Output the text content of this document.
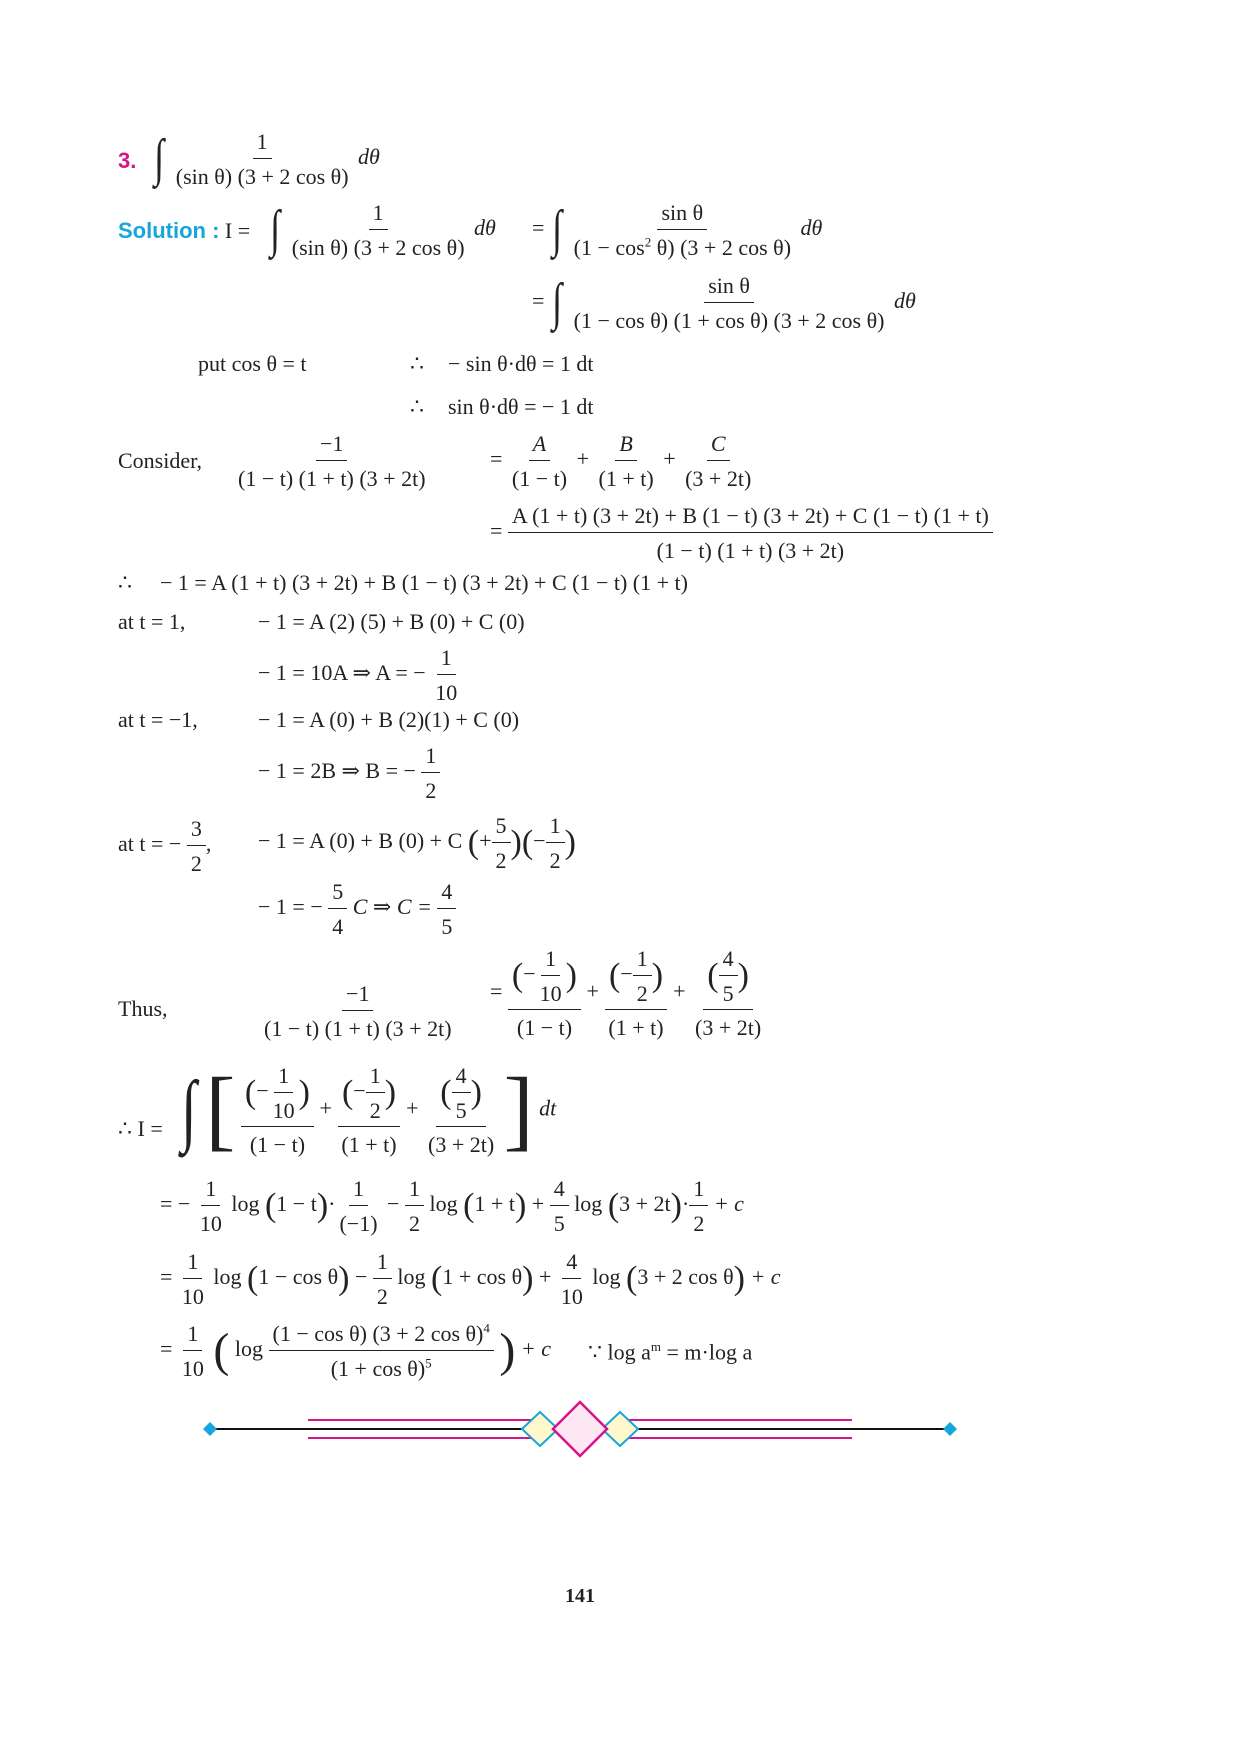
3. ∫ $\frac{1}{\text{(sin θ) (3 + 2 cos θ)}}$ dθ
Solution : I = ∫ $\frac{1}{\text{(sin θ) (3 + 2 cos θ)}}$ dθ = ∫ $\frac{\text{sin θ}}{(1 - \cos^2 \theta) (3 + 2 \cos \theta)}$ dθ
= ∫ $\frac{\text{sin θ}}{\text{(1 − cos θ) (1 + cos θ) (3 + 2 cos θ)}}$ dθ
put cos θ = t	∴ − sin θ·dθ = 1 dt
∴ sin θ·dθ = − 1 dt
Consider, $\frac{-1}{(1 - t) (1 + t) (3 + 2t)}$	= $\frac{A}{(1 - t)} + \frac{B}{(1 + t)} + \frac{C}{(3 + 2t)}$
= $\frac{A (1 + t) (3 + 2t) + B (1 - t) (3 + 2t) + C (1 - t) (1 + t)}{(1 - t) (1 + t) (3 + 2t)}$
∴ − 1 = A (1 + t) (3 + 2t) + B (1 − t) (3 + 2t) + C (1 − t) (1 + t)
at t = 1,	− 1 = A (2) (5) + B (0) + C (0)
− 1 = 10A ⇒ A = − $\frac{1}{10}$
at t = −1,	− 1 = A (0) + B (2)(1) + C (0)
− 1 = 2B ⇒ B = − $\frac{1}{2}$
at t = − $\frac{3}{2}$ , − 1 = A (0) + B (0) + C (+ $\frac{5}{2}$ )(− $\frac{1}{2}$ )
− 1 = − $\frac{5}{4}$ C ⇒ $C = \frac{4}{5}$
Thus,	$\frac{-1}{(1 - t) (1 + t) (3 + 2t)} = \frac{(- \frac{1}{10} )}{(1 - t)} + \frac{(- \frac{1}{2} )}{(1 + t)} + \frac{( \frac{4}{5} )}{(3 + 2t)}$
∴ I = ∫ [ $\frac{(- \frac{1}{10} )}{(1 - t)} + \frac{(- \frac{1}{2} )}{(1 + t)} + \frac{( \frac{4}{5} )}{(3 + 2t)}$ ] dt
= − $\frac{1}{10}$ $\log (1 - t)\cdot \frac{1}{(-1)} - \frac{1}{2}$ $\log (1 + t) + \frac{4}{5}$ $\log (3 + 2t)\cdot \frac{1}{2} + c$
= $\frac{1}{10}$ $\log (1 - \cos \theta) - \frac{1}{2}$ $\log (1 + \cos \theta) + \frac{4}{10}$ log (3 + 2 cos θ) + c
= $\frac{1}{10}$ ( $\log \frac{(1 - \cos \theta) (3 + 2 \cos \theta)^4}{(1 + \cos \theta)^5}$ ) + c ∵ $\log a^m = m\cdot\log$ a
141
